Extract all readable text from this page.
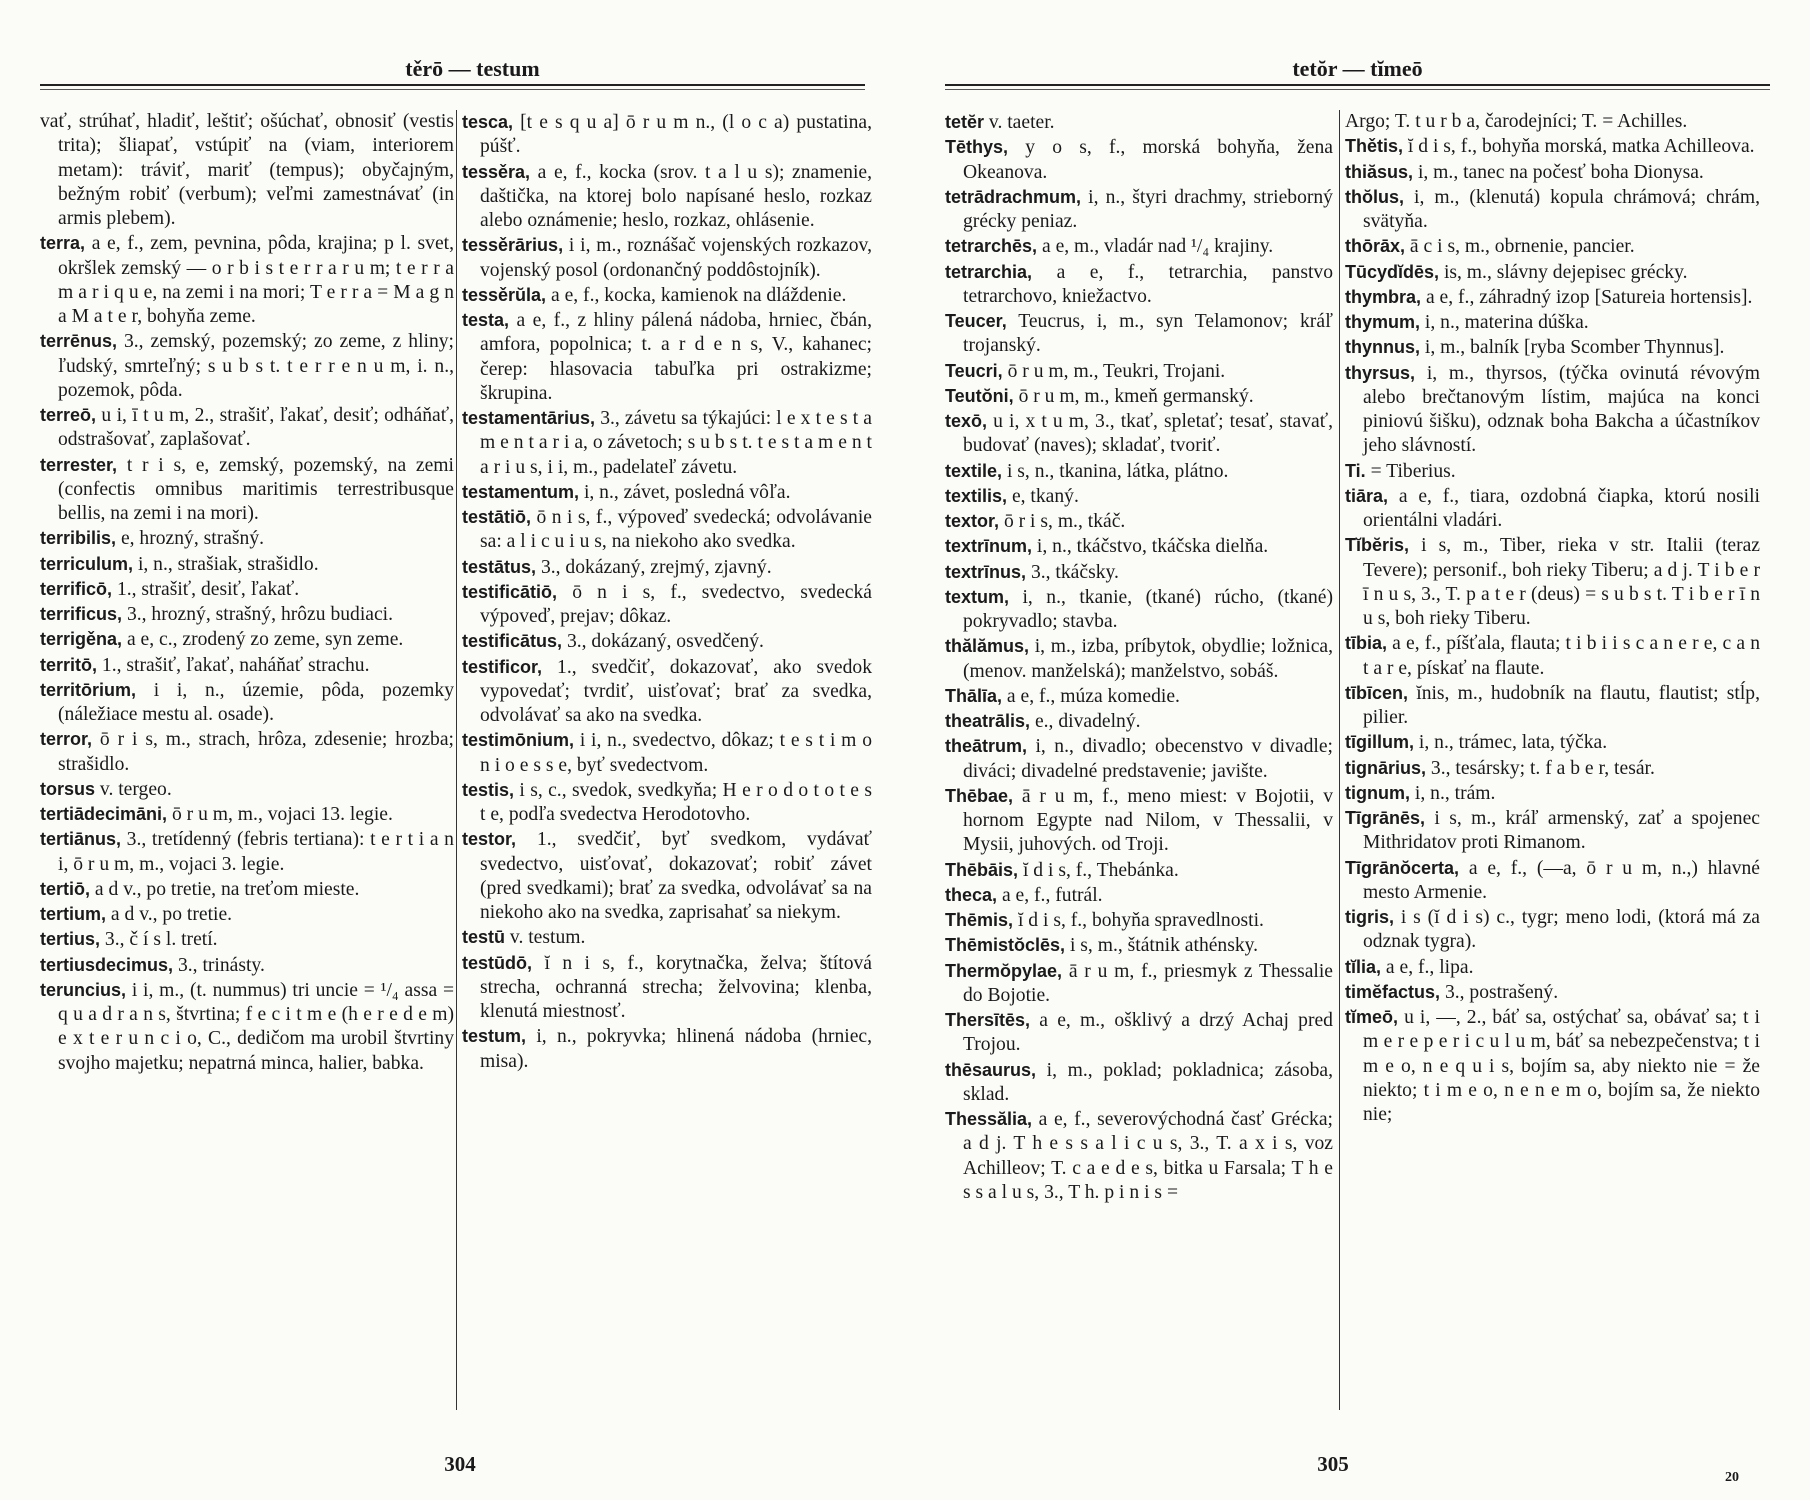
těrō — testum

vať, strúhať, hladiť, leštiť; ošúchať, obnosiť (vestis trita); šliapať, vstúpiť na (viam, interiorem metam): tráviť, mariť (tempus); obyčajným, bežným robiť (verbum); veľmi zamestnávať (in armis plebem).

terra, a e, f., zem, pevnina, pôda, krajina; p l. svet, okršlek zemský — o r b i s t e r r a r u m; t e r r a m a r i q u e, na zemi i na mori; T e r r a = M a g n a M a t e r, bohyňa zeme.

terrēnus, 3., zemský, pozemský; zo zeme, z hliny; ľudský, smrteľný; s u b s t. t e r r e n u m, i. n., pozemok, pôda.

terreō, u i, ī t u m, 2., strašiť, ľakať, desiť; odháňať, odstrašovať, zaplašovať.

terrester, t r i s, e, zemský, pozemský, na zemi (confectis omnibus maritimis terrestribusque bellis, na zemi i na mori).

terribilis, e, hrozný, strašný.

terriculum, i, n., strašiak, strašidlo.

terrificō, 1., strašiť, desiť, ľakať.

terrificus, 3., hrozný, strašný, hrôzu budiaci.

terrigěna, a e, c., zrodený zo zeme, syn zeme.

territō, 1., strašiť, ľakať, naháňať strachu.

territōrium, i i, n., územie, pôda, pozemky (náležiace mestu al. osade).

terror, ō r i s, m., strach, hrôza, zdesenie; hrozba; strašidlo.

torsus v. tergeo.

tertiādecimāni, ō r u m, m., vojaci 13. legie.

tertiānus, 3., tretídenný (febris tertiana): t e r t i a n i, ō r u m, m., vojaci 3. legie.

tertiō, a d v., po tretie, na treťom mieste.

tertium, a d v., po tretie.

tertius, 3., č í s l. tretí.

tertiusdecimus, 3., trinásty.

teruncius, i i, m., (t. nummus) tri uncie = ¹/₄ assa = q u a d r a n s, štvrtina; f e c i t m e (h e r e d e m) e x t e r u n c i o, C., dedičom ma urobil štvrtiny svojho majetku; nepatrná minca, halier, babka.

tesca, [t e s q u a] ō r u m n., (l o c a) pustatina, púšť.

tessěra, a e, f., kocka (srov. t a l u s); znamenie, daštička, na ktorej bolo napísané heslo, rozkaz alebo oznámenie; heslo, rozkaz, ohlásenie.

tessěrārius, i i, m., roznášač vojenských rozkazov, vojenský posol (ordonančný poddôstojník).

tessěrŭla, a e, f., kocka, kamienok na dláždenie.

testa, a e, f., z hliny pálená nádoba, hrniec, čbán, amfora, popolnica; t. a r d e n s, V., kahanec; čerep: hlasovacia tabuľka pri ostrakizme; škrupina.

testamentārius, 3., závetu sa týkajúci: l e x t e s t a m e n t a r i a, o závetoch; s u b s t. t e s t a m e n t a r i u s, i i, m., padelateľ závetu.

testamentum, i, n., závet, posledná vôľa.

testātiō, ō n i s, f., výpoveď svedecká; odvolávanie sa: a l i c u i u s, na niekoho ako svedka.

testātus, 3., dokázaný, zrejmý, zjavný.

testificātiō, ō n i s, f., svedectvo, svedecká výpoveď, prejav; dôkaz.

testificātus, 3., dokázaný, osvedčený.

testificor, 1., svedčiť, dokazovať, ako svedok vypovedať; tvrdiť, uisťovať; brať za svedka, odvolávať sa ako na svedka.

testimōnium, i i, n., svedectvo, dôkaz; t e s t i m o n i o e s s e, byť svedectvom.

testis, i s, c., svedok, svedkyňa; H e r o d o t o t e s t e, podľa svedectva Herodotovho.

testor, 1., svedčiť, byť svedkom, vydávať svedectvo, uisťovať, dokazovať; robiť závet (pred svedkami); brať za svedka, odvolávať sa na niekoho ako na svedka, zaprisahať sa niekym.

testū v. testum.

testūdō, ĭ n i s, f., korytnačka, želva; štítová strecha, ochranná strecha; želvovina; klenba, klenutá miestnosť.

testum, i, n., pokryvka; hlinená nádoba (hrniec, misa).

304
tetŏr — tĭmeō

tetĕr v. taeter.

Tēthys, y o s, f., morská bohyňa, žena Okeanova.

tetrādrachmum, i, n., štyri drachmy, strieborný grécky peniaz.

tetrarchēs, a e, m., vladár nad ¹/₄ krajiny.

tetrarchia, a e, f., tetrarchia, panstvo tetrarchovo, kniežactvo.

Teucer, Teucrus, i, m., syn Telamonov; kráľ trojanský.

Teucri, ō r u m, m., Teukri, Trojani.

Teutŏni, ō r u m, m., kmeň germanský.

texō, u i, x t u m, 3., tkať, spletať; tesať, stavať, budovať (naves); skladať, tvoriť.

textile, i s, n., tkanina, látka, plátno.

textilis, e, tkaný.

textor, ō r i s, m., tkáč.

textrīnum, i, n., tkáčstvo, tkáčska dielňa.

textrīnus, 3., tkáčsky.

textum, i, n., tkanie, (tkané) rúcho, (tkané) pokryvadlo; stavba.

thălămus, i, m., izba, príbytok, obydlie; ložnica, (menov. manželská); manželstvo, sobáš.

Thālīa, a e, f., múza komedie.

theatrālis, e., divadelný.

theātrum, i, n., divadlo; obecenstvo v divadle; diváci; divadelné predstavenie; javište.

Thēbae, ā r u m, f., meno miest: v Bojotii, v hornom Egypte nad Nilom, v Thessalii, v Mysii, juhových. od Troji.

Thēbāis, ĭ d i s, f., Thebánka.

theca, a e, f., futrál.

Thēmis, ĭ d i s, f., bohyňa spravedlnosti.

Thēmistŏclēs, i s, m., štátnik athénsky.

Thermŏpylae, ā r u m, f., priesmyk z Thessalie do Bojotie.

Thersītēs, a e, m., ošklivý a drzý Achaj pred Trojou.

thēsaurus, i, m., poklad; pokladnica; zásoba, sklad.

Thessălia, a e, f., severovýchodná časť Grécka; a d j. T h e s s a l i c u s, 3., T. a x i s, voz Achilleov; T. c a e d e s, bitka u Farsala; T h e s s a l u s, 3., T h. p i n i s =

Argo; T. t u r b a, čarodejníci; T. = Achilles.

Thětis, ĭ d i s, f., bohyňa morská, matka Achilleova.

thiăsus, i, m., tanec na počesť boha Dionysa.

thŏlus, i, m., (klenutá) kopula chrámová; chrám, svätyňa.

thōrāx, ā c i s, m., obrnenie, pancier.

Tūcydĭdēs, is, m., slávny dejepisec grécky.

thymbra, a e, f., záhradný izop [Satureia hortensis].

thymum, i, n., materina dúška.

thynnus, i, m., balník [ryba Scomber Thynnus].

thyrsus, i, m., thyrsos, (týčka ovinutá révovým alebo brečtanovým lístim, majúca na konci piniovú šišku), odznak boha Bakcha a účastníkov jeho slávností.

Ti. = Tiberius.

tiāra, a e, f., tiara, ozdobná čiapka, ktorú nosili orientálni vladári.

Tĭbĕris, i s, m., Tiber, rieka v str. Italii (teraz Tevere); personif., boh rieky Tiberu; a d j. T i b e r ī n u s, 3., T. p a t e r (deus) = s u b s t. T i b e r ī n u s, boh rieky Tiberu.

tībia, a e, f., píšťala, flauta; t i b i i s c a n e r e, c a n t a r e, pískať na flaute.

tībīcen, ĭnis, m., hudobník na flautu, flautist; stĺp, pilier.

tīgillum, i, n., trámec, lata, týčka.

tignārius, 3., tesársky; t. f a b e r, tesár.

tignum, i, n., trám.

Tīgrānēs, i s, m., kráľ armenský, zať a spojenec Mithridatov proti Rimanom.

Tīgrānŏcerta, a e, f., (—a, ō r u m, n.,) hlavné mesto Armenie.

tigris, i s (ĭ d i s) c., tygr; meno lodi, (ktorá má za odznak tygra).

tĭlia, a e, f., lipa.

timĕfactus, 3., postrašený.

tĭmeō, u i, —, 2., báť sa, ostýchať sa, obávať sa; t i m e r e p e r i c u l u m, báť sa nebezpečenstva; t i m e o, n e q u i s, bojím sa, aby niekto nie = že niekto; t i m e o, n e n e m o, bojím sa, že niekto nie;

305
20
